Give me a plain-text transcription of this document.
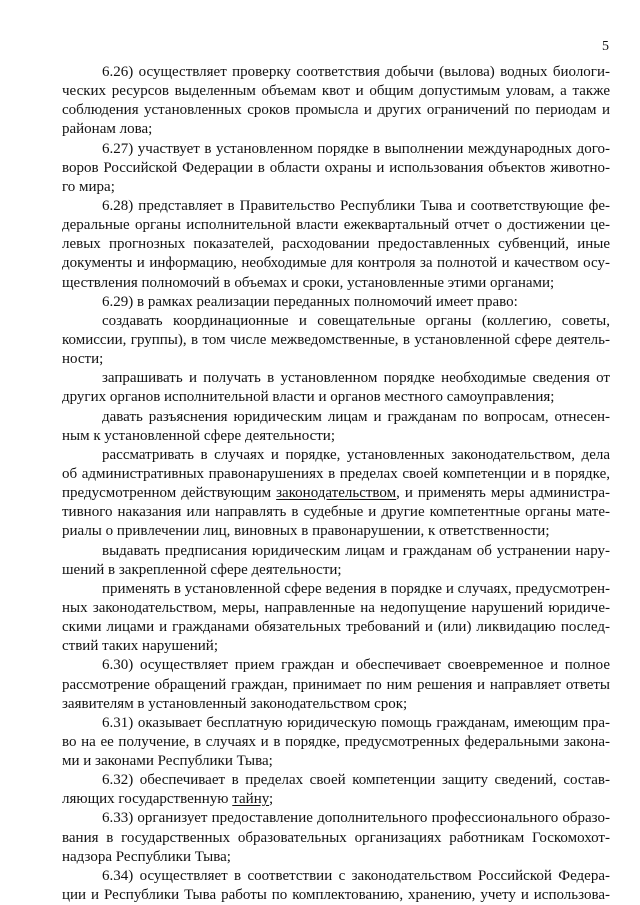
5
6.26) осуществляет проверку соответствия добычи (вылова) водных биологи-
ческих ресурсов выделенным объемам квот и общим допустимым уловам, а также
соблюдения установленных сроков промысла и других ограничений по периодам и
районам лова;
6.27) участвует в установленном порядке в выполнении международных дого-
воров Российской Федерации в области охраны и использования объектов животно-
го мира;
6.28) представляет в Правительство Республики Тыва и соответствующие фе-
деральные органы исполнительной власти ежеквартальный отчет о достижении це-
левых прогнозных показателей, расходовании предоставленных субвенций, иные
документы и информацию, необходимые для контроля за полнотой и качеством осу-
ществления полномочий в объемах и сроки, установленные этими органами;
6.29) в рамках реализации переданных полномочий имеет право:
создавать координационные и совещательные органы (коллегию, советы,
комиссии, группы), в том числе межведомственные, в установленной сфере деятель-
ности;
запрашивать и получать в установленном порядке необходимые сведения от
других органов исполнительной власти и органов местного самоуправления;
давать разъяснения юридическим лицам и гражданам по вопросам, отнесен-
ным к установленной сфере деятельности;
рассматривать в случаях и порядке, установленных законодательством, дела
об административных правонарушениях в пределах своей компетенции и в порядке,
предусмотренном действующим законодательством, и применять меры администра-
тивного наказания или направлять в судебные и другие компетентные органы мате-
риалы о привлечении лиц, виновных в правонарушении, к ответственности;
выдавать предписания юридическим лицам и гражданам об устранении нару-
шений в закрепленной сфере деятельности;
применять в установленной сфере ведения в порядке и случаях, предусмотрен-
ных законодательством, меры, направленные на недопущение нарушений юридиче-
скими лицами и гражданами обязательных требований и (или) ликвидацию послед-
ствий таких нарушений;
6.30) осуществляет прием граждан и обеспечивает своевременное и полное
рассмотрение обращений граждан, принимает по ним решения и направляет ответы
заявителям в установленный законодательством срок;
6.31) оказывает бесплатную юридическую помощь гражданам, имеющим пра-
во на ее получение, в случаях и в порядке, предусмотренных федеральными закона-
ми и законами Республики Тыва;
6.32) обеспечивает в пределах своей компетенции защиту сведений, состав-
ляющих государственную тайну;
6.33) организует предоставление дополнительного профессионального образо-
вания в государственных образовательных организациях работникам Госкомохот-
надзора Республики Тыва;
6.34) осуществляет в соответствии с законодательством Российской Федера-
ции и Республики Тыва работы по комплектованию, хранению, учету и использова-
